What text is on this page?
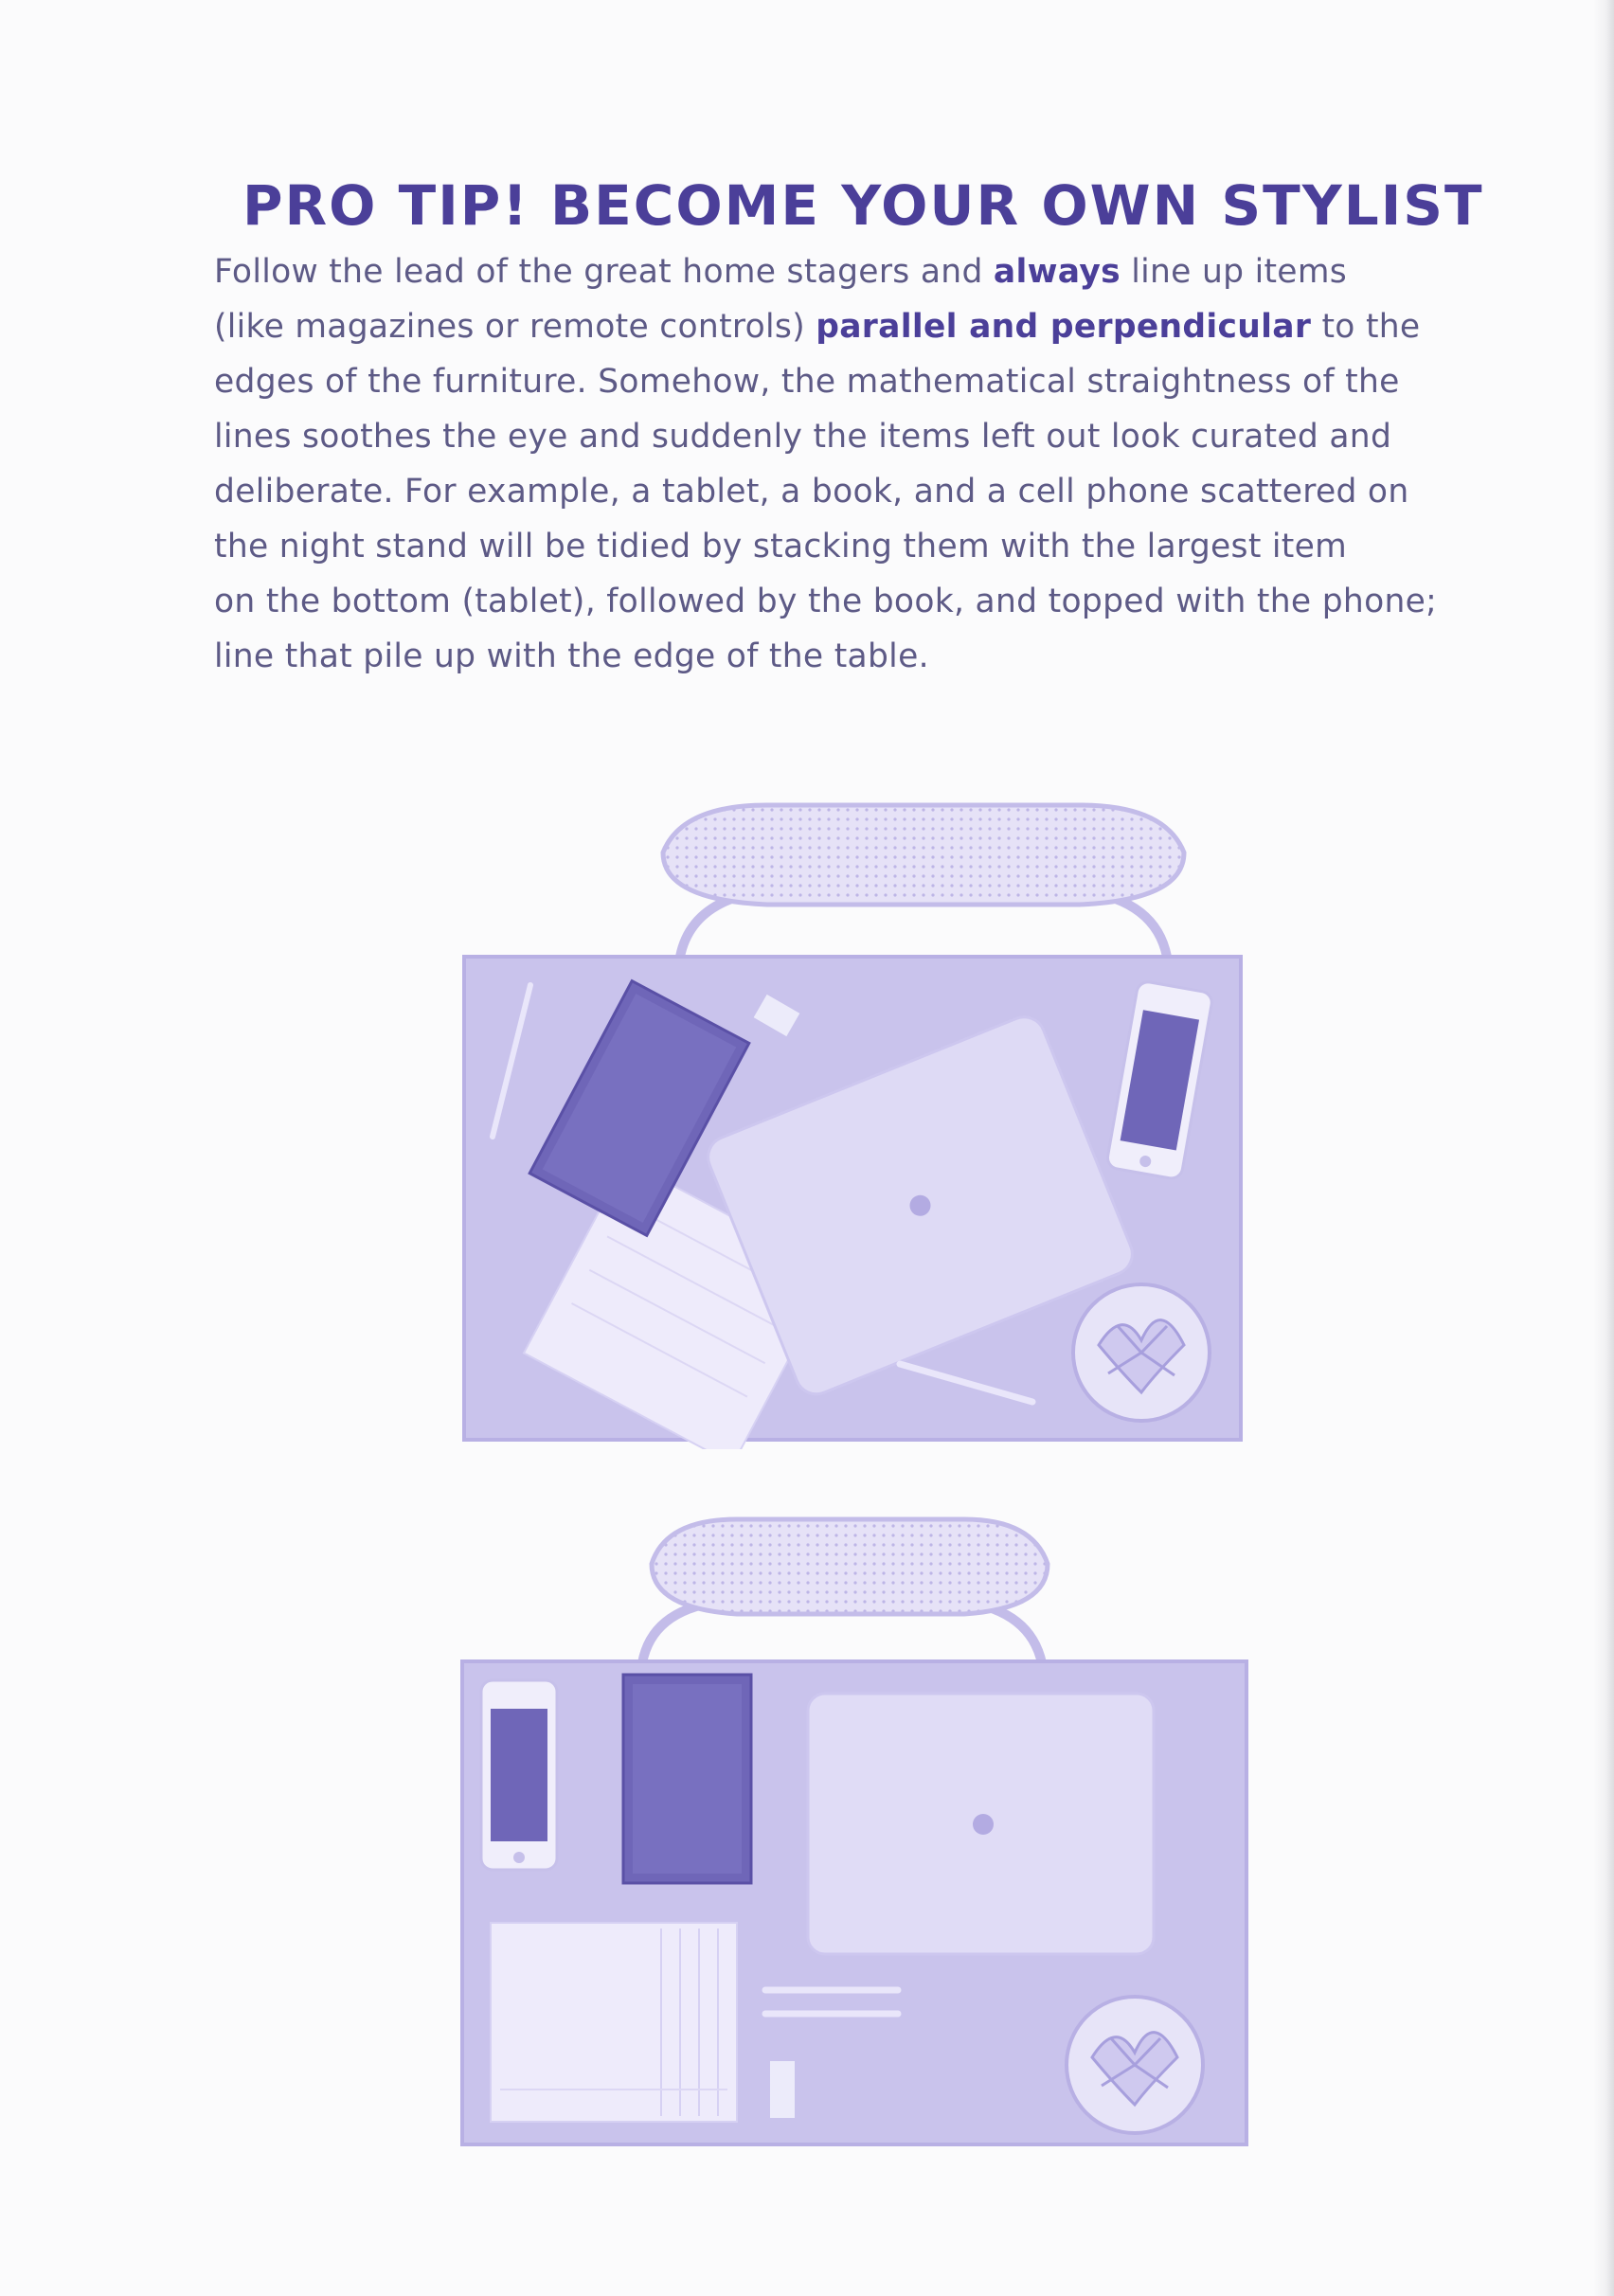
PRO TIP! BECOME YOUR OWN STYLIST
Follow the lead of the great home stagers and always line up items
(like magazines or remote controls) parallel and perpendicular to the
edges of the furniture. Somehow, the mathematical straightness of the
lines soothes the eye and suddenly the items left out look curated and
deliberate. For example, a tablet, a book, and a cell phone scattered on
the night stand will be tidied by stacking them with the largest item
on the bottom (tablet), followed by the book, and topped with the phone;
line that pile up with the edge of the table.
